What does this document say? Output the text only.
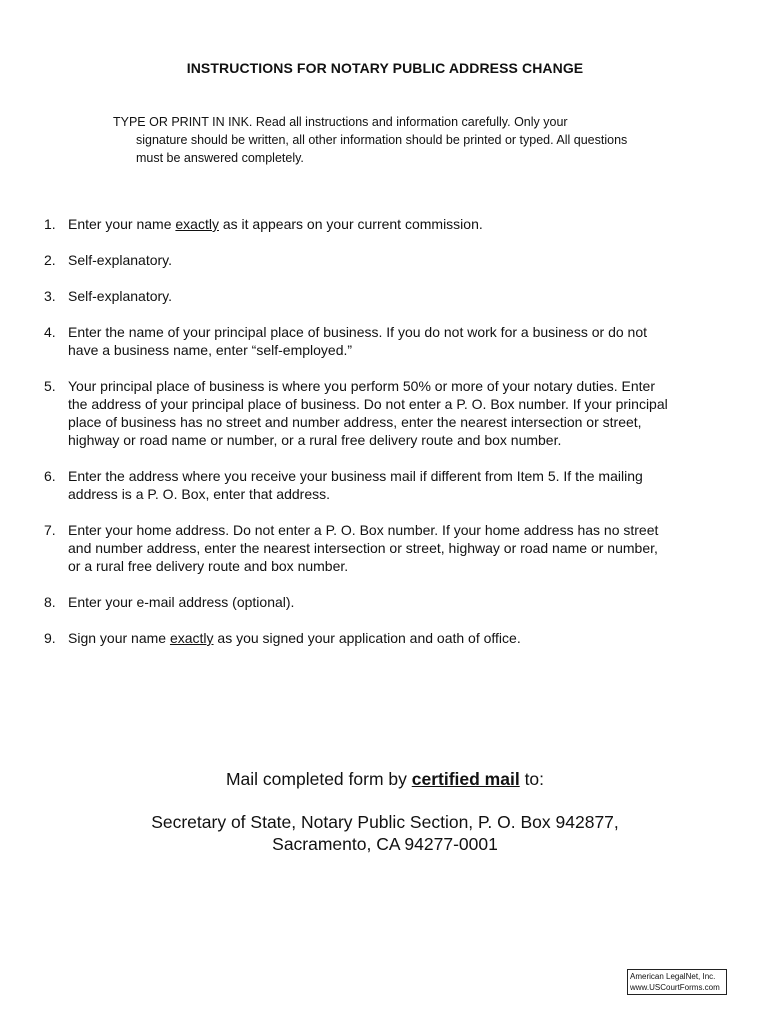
INSTRUCTIONS FOR NOTARY PUBLIC ADDRESS CHANGE
TYPE OR PRINT IN INK. Read all instructions and information carefully. Only your
signature should be written, all other information should be printed or typed. All questions must be answered completely.
1. Enter your name exactly as it appears on your current commission.
2. Self-explanatory.
3. Self-explanatory.
4. Enter the name of your principal place of business. If you do not work for a business or do not have a business name, enter “self-employed.”
5. Your principal place of business is where you perform 50% or more of your notary duties. Enter the address of your principal place of business. Do not enter a P. O. Box number. If your principal place of business has no street and number address, enter the nearest intersection or street, highway or road name or number, or a rural free delivery route and box number.
6. Enter the address where you receive your business mail if different from Item 5. If the mailing address is a P. O. Box, enter that address.
7. Enter your home address. Do not enter a P. O. Box number. If your home address has no street and number address, enter the nearest intersection or street, highway or road name or number, or a rural free delivery route and box number.
8. Enter your e-mail address (optional).
9. Sign your name exactly as you signed your application and oath of office.
Mail completed form by certified mail to:
Secretary of State, Notary Public Section, P. O. Box 942877,
Sacramento, CA 94277-0001
American LegalNet, Inc.
www.USCourtForms.com
